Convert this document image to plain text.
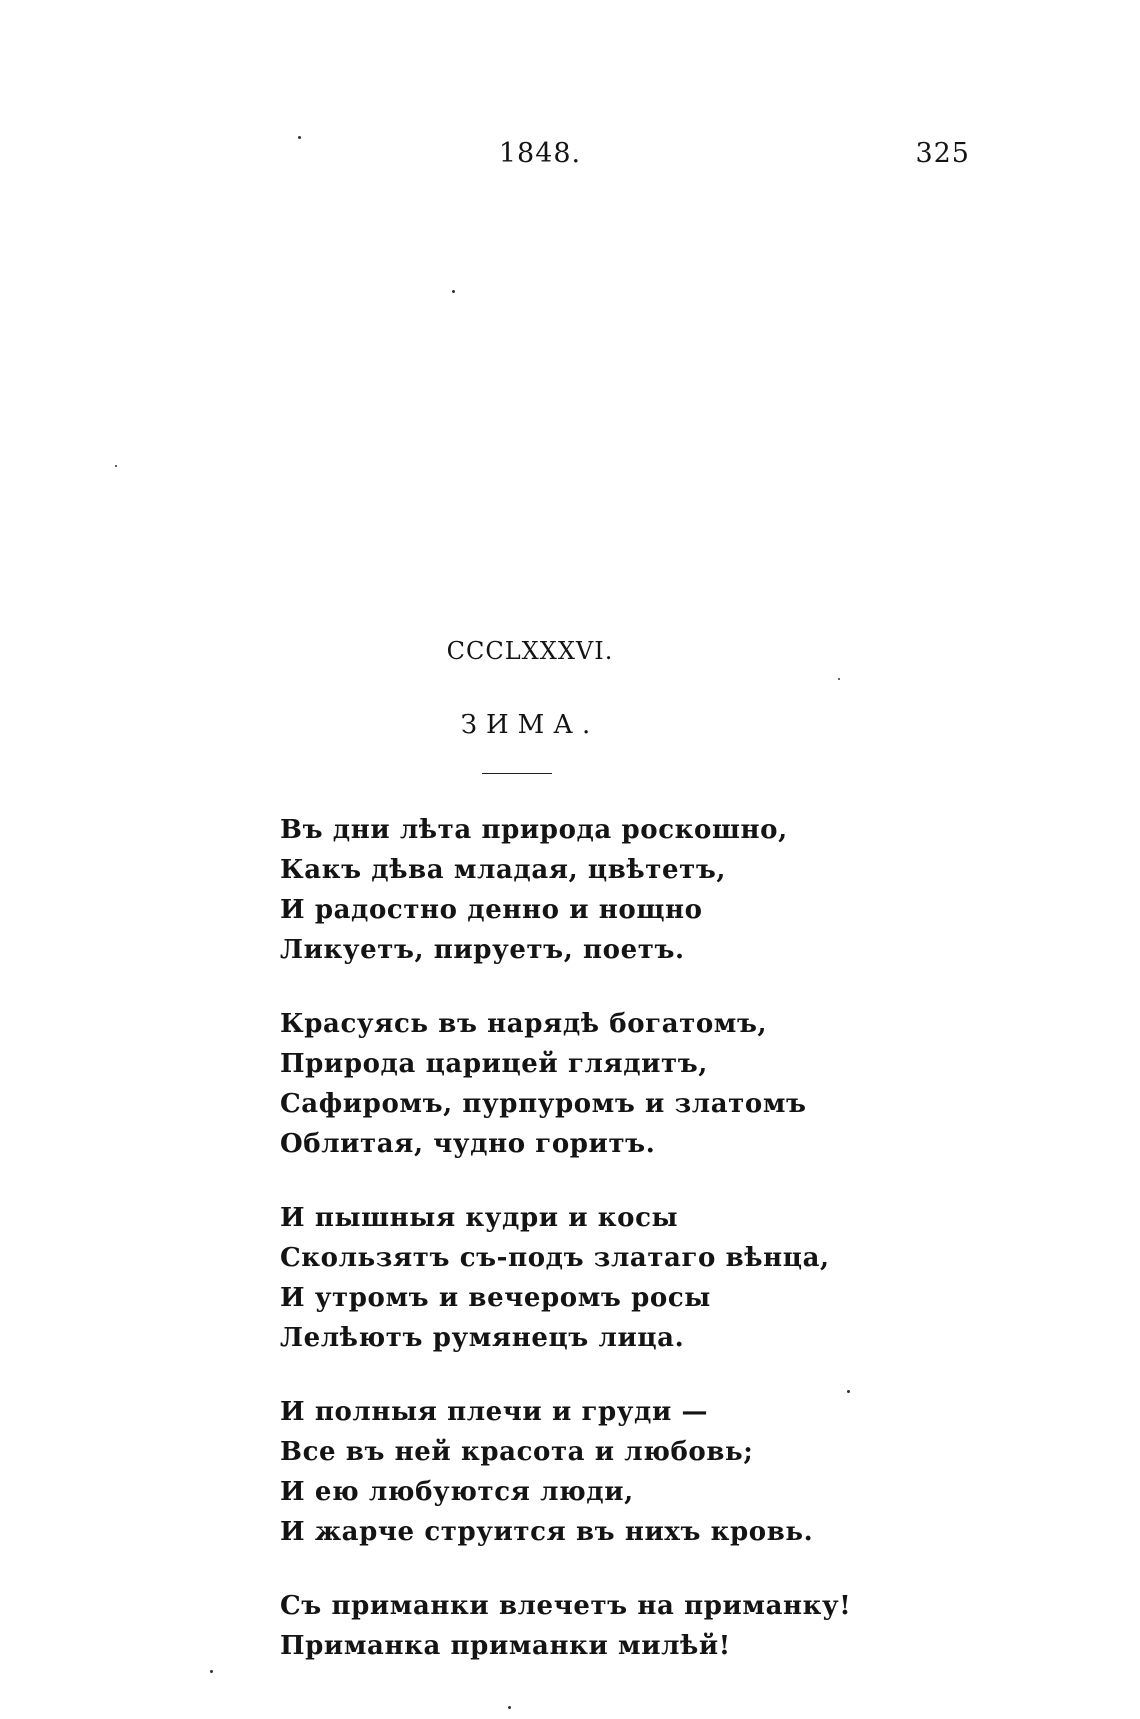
1848.	325
CCCLXXXVI.
ЗИМА.
Въ дни лѣта природа роскошно,
Какъ дѣва младая, цвѣтетъ,
И радостно денно и нощно
Ликуетъ, пируетъ, поетъ.
Красуясь въ нарядѣ богатомъ,
Природа царицей глядитъ,
Сафиромъ, пурпуромъ и златомъ
Облитая, чудно горитъ.
И пышныя кудри и косы
Скользятъ съ-подъ златаго вѣнца,
И утромъ и вечеромъ росы
Лелѣютъ румянецъ лица.
И полныя плечи и груди —
Все въ ней красота и любовь;
И ею любуются люди,
И жарче струится въ нихъ кровь.
Съ приманки влечетъ на приманку!
Приманка приманки милѣй!
